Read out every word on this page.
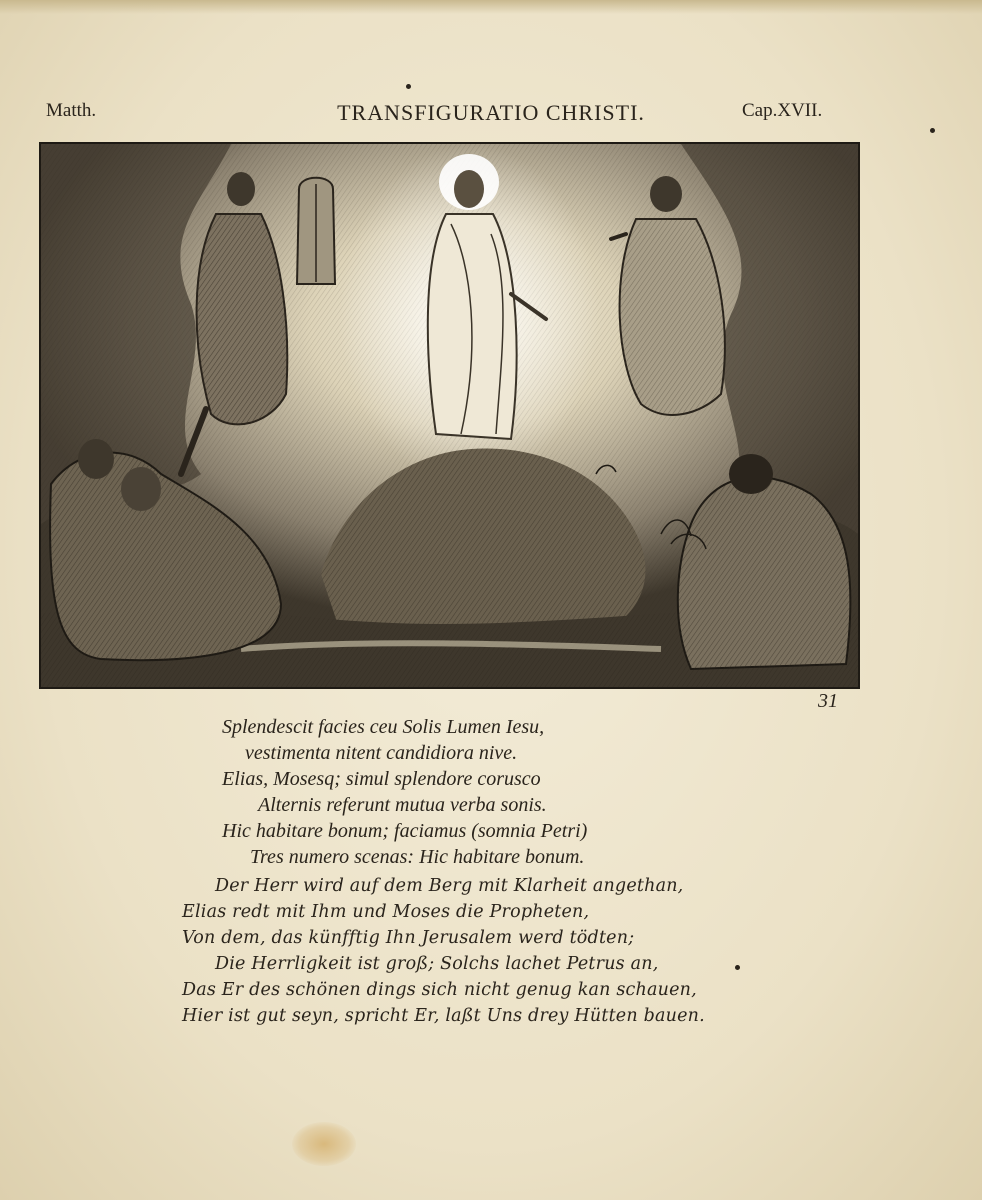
Matth.	TRANSFIGURATIO CHRISTI.	Cap.XVII.
31
Splendescit facies ceu Solis Lumen Iesu,
vestimenta nitent candidiora nive.
Elias, Mosesq; simul splendore corusco
Alternis referunt mutua verba sonis.
Hic habitare bonum; faciamus (somnia Petri)
Tres numero scenas: Hic habitare bonum.
Der Herr wird auf dem Berg mit Klarheit angethan,
Elias redt mit Ihm und Moses die Propheten,
Von dem, das künfftig Ihn Jerusalem werd tödten;
Die Herrligkeit ist groß; Solchs lachet Petrus an,
Das Er des schönen dings sich nicht genug kan schauen,
Hier ist gut seyn, spricht Er, laßt Uns drey Hütten bauen.
